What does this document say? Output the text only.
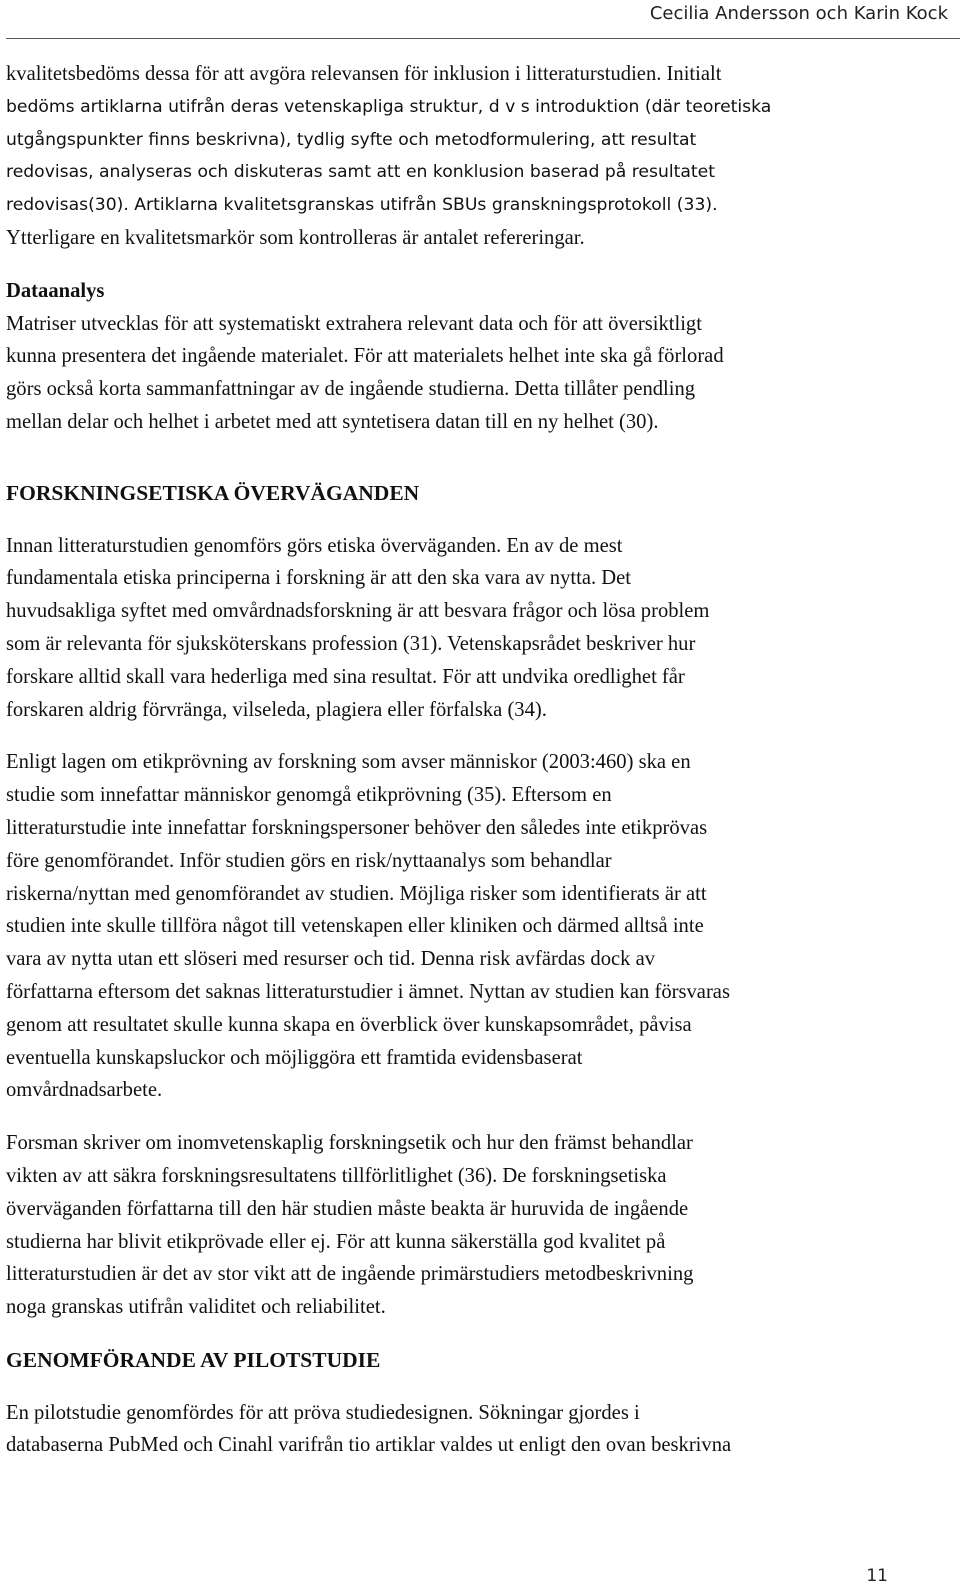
Cecilia Andersson och Karin Kock

kvalitetsbedöms dessa för att avgöra relevansen för inklusion i litteraturstudien. Initialt

bedöms artiklarna utifrån deras vetenskapliga struktur, d v s introduktion (där teoretiska

utgångspunkter finns beskrivna), tydlig syfte och metodformulering, att resultat

redovisas, analyseras och diskuteras samt att en konklusion baserad på resultatet

redovisas(30). Artiklarna kvalitetsgranskas utifrån SBUs granskningsprotokoll (33).

Ytterligare en kvalitetsmarkör som kontrolleras är antalet refereringar.

Dataanalys

Matriser utvecklas för att systematiskt extrahera relevant data och för att översiktligt

kunna presentera det ingående materialet. För att materialets helhet inte ska gå förlorad

görs också korta sammanfattningar av de ingående studierna. Detta tillåter pendling

mellan delar och helhet i arbetet med att syntetisera datan till en ny helhet (30).

FORSKNINGSETISKA ÖVERVÄGANDEN

Innan litteraturstudien genomförs görs etiska överväganden. En av de mest

fundamentala etiska principerna i forskning är att den ska vara av nytta. Det

huvudsakliga syftet med omvårdnadsforskning är att besvara frågor och lösa problem

som är relevanta för sjuksköterskans profession (31). Vetenskapsrådet beskriver hur

forskare alltid skall vara hederliga med sina resultat. För att undvika oredlighet får

forskaren aldrig förvränga, vilseleda, plagiera eller förfalska (34).

Enligt lagen om etikprövning av forskning som avser människor (2003:460) ska en

studie som innefattar människor genomgå etikprövning (35). Eftersom en

litteraturstudie inte innefattar forskningspersoner behöver den således inte etikprövas

före genomförandet. Inför studien görs en risk/nyttaanalys som behandlar

riskerna/nyttan med genomförandet av studien. Möjliga risker som identifierats är att

studien inte skulle tillföra något till vetenskapen eller kliniken och därmed alltså inte

vara av nytta utan ett slöseri med resurser och tid. Denna risk avfärdas dock av

författarna eftersom det saknas litteraturstudier i ämnet. Nyttan av studien kan försvaras

genom att resultatet skulle kunna skapa en överblick över kunskapsområdet, påvisa

eventuella kunskapsluckor och möjliggöra ett framtida evidensbaserat

omvårdnadsarbete.

Forsman skriver om inomvetenskaplig forskningsetik och hur den främst behandlar

vikten av att säkra forskningsresultatens tillförlitlighet (36). De forskningsetiska

överväganden författarna till den här studien måste beakta är huruvida de ingående

studierna har blivit etikprövade eller ej. För att kunna säkerställa god kvalitet på

litteraturstudien är det av stor vikt att de ingående primärstudiers metodbeskrivning

noga granskas utifrån validitet och reliabilitet.

GENOMFÖRANDE AV PILOTSTUDIE

En pilotstudie genomfördes för att pröva studiedesignen. Sökningar gjordes i

databaserna PubMed och Cinahl varifrån tio artiklar valdes ut enligt den ovan beskrivna

11
